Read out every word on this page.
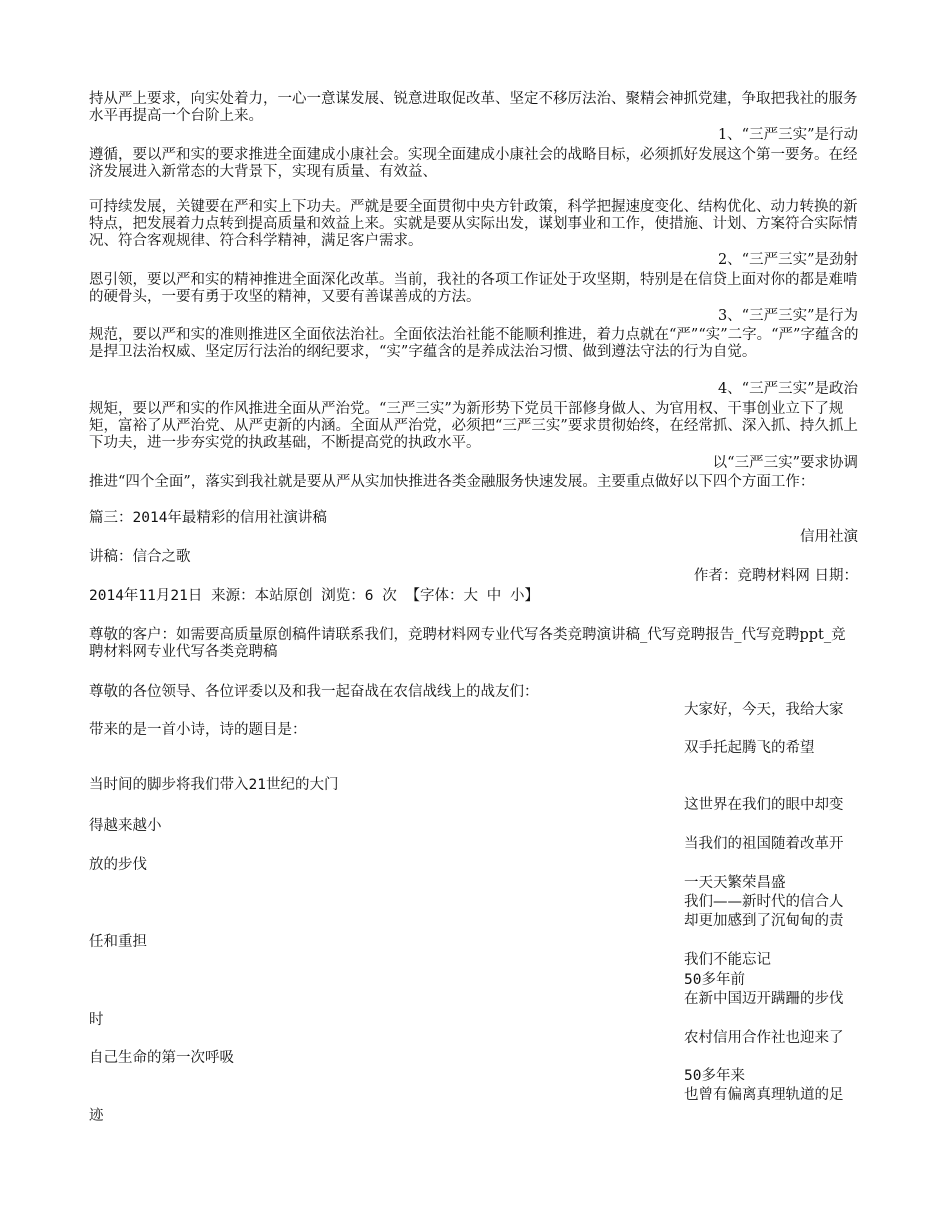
持从严上要求，向实处着力，一心一意谋发展、锐意进取促改革、坚定不移厉法治、聚精会神抓党建，争取把我社的服务水平再提高一个台阶上来。
1、“三严三实”是行动
遵循，要以严和实的要求推进全面建成小康社会。实现全面建成小康社会的战略目标，必须抓好发展这个第一要务。在经济发展进入新常态的大背景下，实现有质量、有效益、
可持续发展，关键要在严和实上下功夫。严就是要全面贯彻中央方针政策，科学把握速度变化、结构优化、动力转换的新特点，把发展着力点转到提高质量和效益上来。实就是要从实际出发，谋划事业和工作，使措施、计划、方案符合实际情况、符合客观规律、符合科学精神，满足客户需求。
2、“三严三实”是劲射
恩引领，要以严和实的精神推进全面深化改革。当前，我社的各项工作证处于攻坚期，特别是在信贷上面对你的都是难啃的硬骨头，一要有勇于攻坚的精神，又要有善谋善成的方法。
3、“三严三实”是行为
规范，要以严和实的准则推进区全面依法治社。全面依法治社能不能顺利推进，着力点就在“严”“实”二字。“严”字蕴含的是捍卫法治权威、坚定厉行法治的纲纪要求，“实”字蕴含的是养成法治习惯、做到遵法守法的行为自觉。
4、“三严三实”是政治
规矩，要以严和实的作风推进全面从严治党。“三严三实”为新形势下党员干部修身做人、为官用权、干事创业立下了规矩，富裕了从严治党、从严吏新的内涵。全面从严治党，必须把“三严三实”要求贯彻始终，在经常抓、深入抓、持久抓上下功夫，进一步夯实党的执政基础，不断提高党的执政水平。
以“三严三实”要求协调
推进“四个全面”，落实到我社就是要从严从实加快推进各类金融服务快速发展。主要重点做好以下四个方面工作：
篇三：2014年最精彩的信用社演讲稿
信用社演
讲稿：信合之歌
作者：竞聘材料网 日期：
2014年11月21日 来源：本站原创 浏览：6 次 【字体：大 中 小】
尊敬的客户：如需要高质量原创稿件请联系我们，竞聘材料网专业代写各类竞聘演讲稿_代写竞聘报告_代写竞聘ppt_竞聘材料网专业代写各类竞聘稿
尊敬的各位领导、各位评委以及和我一起奋战在农信战线上的战友们：
大家好，今天，我给大家
带来的是一首小诗，诗的题目是：
双手托起腾飞的希望
当时间的脚步将我们带入21世纪的大门
这世界在我们的眼中却变
得越来越小
当我们的祖国随着改革开
放的步伐
一天天繁荣昌盛
我们——新时代的信合人
却更加感到了沉甸甸的责
任和重担
我们不能忘记
50多年前
在新中国迈开蹒跚的步伐
时
农村信用合作社也迎来了
自己生命的第一次呼吸
50多年来
也曾有偏离真理轨道的足
迹
